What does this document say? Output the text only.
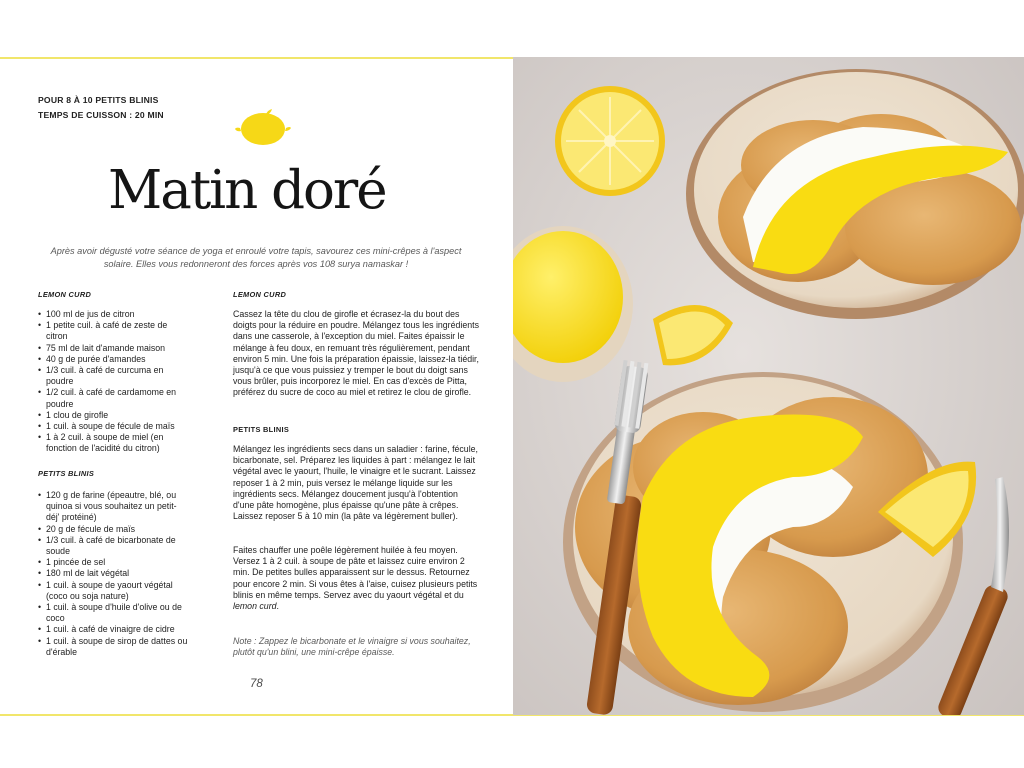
POUR 8 À 10 PETITS BLINIS
TEMPS DE CUISSON : 20 MIN
Matin doré

Après avoir dégusté votre séance de yoga et enroulé votre tapis, savourez ces mini-crêpes à l'aspect solaire. Elles vous redonneront des forces après vos 108 surya namaskar !

LEMON CURD
• 100 ml de jus de citron
• 1 petite cuil. à café de zeste de citron
• 75 ml de lait d'amande maison
• 40 g de purée d'amandes
• 1/3 cuil. à café de curcuma en poudre
• 1/2 cuil. à café de cardamome en poudre
• 1 clou de girofle
• 1 cuil. à soupe de fécule de maïs
• 1 à 2 cuil. à soupe de miel (en fonction de l'acidité du citron)
PETITS BLINIS
• 120 g de farine (épeautre, blé, ou quinoa si vous souhaitez un petit-déj' protéiné)
• 20 g de fécule de maïs
• 1/3 cuil. à café de bicarbonate de soude
• 1 pincée de sel
• 180 ml de lait végétal
• 1 cuil. à soupe de yaourt végétal (coco ou soja nature)
• 1 cuil. à soupe d'huile d'olive ou de coco
• 1 cuil. à café de vinaigre de cidre
• 1 cuil. à soupe de sirop de dattes ou d'érable
LEMON CURD

Cassez la tête du clou de girofle et écrasez-la du bout des doigts pour la réduire en poudre. Mélangez tous les ingrédients dans une casserole, à l'exception du miel. Faites épaissir le mélange à feu doux, en remuant très régulièrement, pendant environ 5 min. Une fois la préparation épaissie, laissez-la tiédir, jusqu'à ce que vous puissiez y tremper le bout du doigt sans vous brûler, puis incorporez le miel. En cas d'excès de Pitta, préférez du sucre de coco au miel et retirez le clou de girofle.

PETITS BLINIS

Mélangez les ingrédients secs dans un saladier : farine, fécule, bicarbonate, sel. Préparez les liquides à part : mélangez le lait végétal avec le yaourt, l'huile, le vinaigre et le sucrant. Laissez reposer 1 à 2 min, puis versez le mélange liquide sur les ingrédients secs. Mélangez doucement jusqu'à l'obtention d'une pâte homogène, plus épaisse qu'une pâte à crêpes. Laissez reposer 5 à 10 min (la pâte va légèrement buller).

Faites chauffer une poêle légèrement huilée à feu moyen. Versez 1 à 2 cuil. à soupe de pâte et laissez cuire environ 2 min. De petites bulles apparaissent sur le dessus. Retournez pour encore 2 min. Si vous êtes à l'aise, cuisez plusieurs petits blinis en même temps. Servez avec du yaourt végétal et du lemon curd.

Note : Zappez le bicarbonate et le vinaigre si vous souhaitez, plutôt qu'un blini, une mini-crêpe épaisse.

78
